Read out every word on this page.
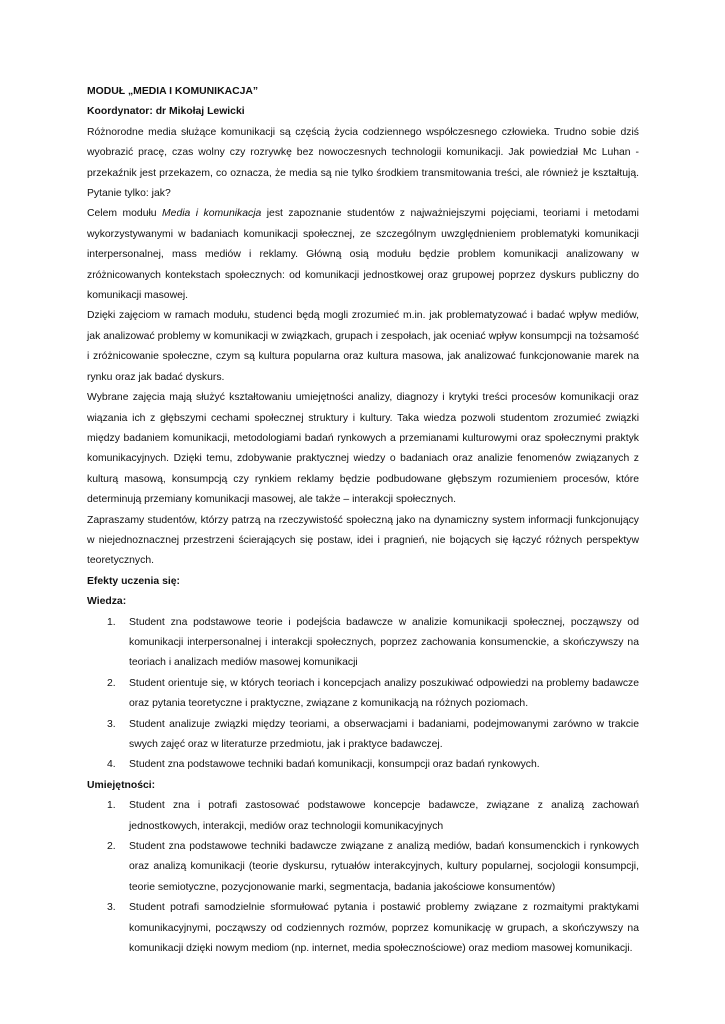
MODUŁ „MEDIA I KOMUNIKACJA”
Koordynator: dr Mikołaj Lewicki

Różnorodne media służące komunikacji są częścią życia codziennego współczesnego człowieka. Trudno sobie dziś wyobrazić pracę, czas wolny czy rozrywkę bez nowoczesnych technologii komunikacji. Jak powiedział Mc Luhan - przekaźnik jest przekazem, co oznacza, że media są nie tylko środkiem transmitowania treści, ale również je kształtują. Pytanie tylko: jak?

Celem modułu Media i komunikacja jest zapoznanie studentów z najważniejszymi pojęciami, teoriami i metodami wykorzystywanymi w badaniach komunikacji społecznej, ze szczególnym uwzględnieniem problematyki komunikacji interpersonalnej, mass mediów i reklamy. Główną osią modułu będzie problem komunikacji analizowany w zróżnicowanych kontekstach społecznych: od komunikacji jednostkowej oraz grupowej poprzez dyskurs publiczny do komunikacji masowej.

Dzięki zajęciom w ramach modułu, studenci będą mogli zrozumieć m.in. jak problematyzować i badać wpływ mediów, jak analizować problemy w komunikacji w związkach, grupach i zespołach, jak oceniać wpływ konsumpcji na tożsamość i zróżnicowanie społeczne, czym są kultura popularna oraz kultura masowa, jak analizować funkcjonowanie marek na rynku oraz jak badać dyskurs.

Wybrane zajęcia mają służyć kształtowaniu umiejętności analizy, diagnozy i krytyki treści procesów komunikacji oraz wiązania ich z głębszymi cechami społecznej struktury i kultury. Taka wiedza pozwoli studentom zrozumieć związki między badaniem komunikacji, metodologiami badań rynkowych a przemianami kulturowymi oraz społecznymi praktyk komunikacyjnych. Dzięki temu, zdobywanie praktycznej wiedzy o badaniach oraz analizie fenomenów związanych z kulturą masową, konsumpcją czy rynkiem reklamy będzie podbudowane głębszym rozumieniem procesów, które determinują przemiany komunikacji masowej, ale także – interakcji społecznych.

Zapraszamy studentów, którzy patrzą na rzeczywistość społeczną jako na dynamiczny system informacji funkcjonujący w niejednoznacznej przestrzeni ścierających się postaw, idei i pragnień, nie bojących się łączyć różnych perspektyw teoretycznych.

Efekty uczenia się:
Wiedza:
1. Student zna podstawowe teorie i podejścia badawcze w analizie komunikacji społecznej, począwszy od komunikacji interpersonalnej i interakcji społecznych, poprzez zachowania konsumenckie, a skończywszy na teoriach i analizach mediów masowej komunikacji
2. Student orientuje się, w których teoriach i koncepcjach analizy poszukiwać odpowiedzi na problemy badawcze oraz pytania teoretyczne i praktyczne, związane z komunikacją na różnych poziomach.
3. Student analizuje związki między teoriami, a obserwacjami i badaniami, podejmowanymi zarówno w trakcie swych zajęć oraz w literaturze przedmiotu, jak i praktyce badawczej.
4. Student zna podstawowe techniki badań komunikacji, konsumpcji oraz badań rynkowych.
Umiejętności:
1. Student zna i potrafi zastosować podstawowe koncepcje badawcze, związane z analizą zachowań jednostkowych, interakcji, mediów oraz technologii komunikacyjnych
2. Student zna podstawowe techniki badawcze związane z analizą mediów, badań konsumenckich i rynkowych oraz analizą komunikacji (teorie dyskursu, rytuałów interakcyjnych, kultury popularnej, socjologii konsumpcji, teorie semiotyczne, pozycjonowanie marki, segmentacja, badania jakościowe konsumentów)
3. Student potrafi samodzielnie sformułować pytania i postawić problemy związane z rozmaitymi praktykami komunikacyjnymi, począwszy od codziennych rozmów, poprzez komunikację w grupach, a skończywszy na komunikacji dzięki nowym mediom (np. internet, media społecznościowe) oraz mediom masowej komunikacji.
